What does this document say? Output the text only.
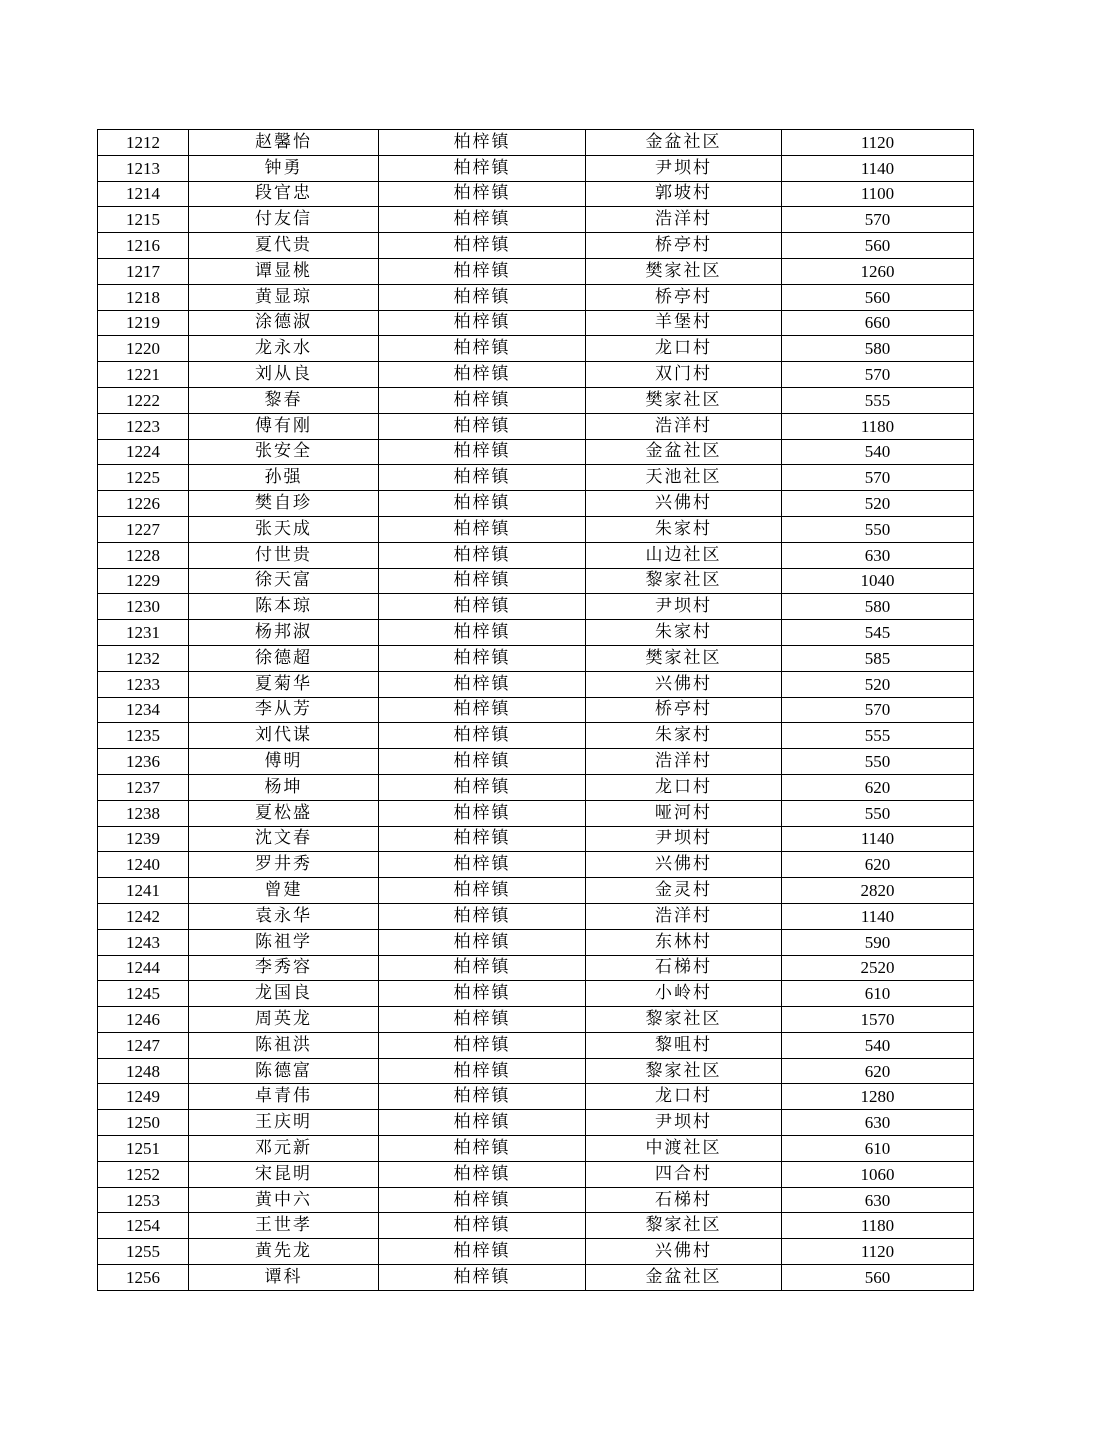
1212	赵馨怡	柏梓镇	金盆社区	1120
1213	钟勇	柏梓镇	尹坝村	1140
1214	段官忠	柏梓镇	郭坡村	1100
1215	付友信	柏梓镇	浩洋村	570
1216	夏代贵	柏梓镇	桥亭村	560
1217	谭显桃	柏梓镇	樊家社区	1260
1218	黄显琼	柏梓镇	桥亭村	560
1219	涂德淑	柏梓镇	羊堡村	660
1220	龙永水	柏梓镇	龙口村	580
1221	刘从良	柏梓镇	双门村	570
1222	黎春	柏梓镇	樊家社区	555
1223	傅有刚	柏梓镇	浩洋村	1180
1224	张安全	柏梓镇	金盆社区	540
1225	孙强	柏梓镇	天池社区	570
1226	樊自珍	柏梓镇	兴佛村	520
1227	张天成	柏梓镇	朱家村	550
1228	付世贵	柏梓镇	山边社区	630
1229	徐天富	柏梓镇	黎家社区	1040
1230	陈本琼	柏梓镇	尹坝村	580
1231	杨邦淑	柏梓镇	朱家村	545
1232	徐德超	柏梓镇	樊家社区	585
1233	夏菊华	柏梓镇	兴佛村	520
1234	李从芳	柏梓镇	桥亭村	570
1235	刘代谋	柏梓镇	朱家村	555
1236	傅明	柏梓镇	浩洋村	550
1237	杨坤	柏梓镇	龙口村	620
1238	夏松盛	柏梓镇	哑河村	550
1239	沈文春	柏梓镇	尹坝村	1140
1240	罗井秀	柏梓镇	兴佛村	620
1241	曾建	柏梓镇	金灵村	2820
1242	袁永华	柏梓镇	浩洋村	1140
1243	陈祖学	柏梓镇	东林村	590
1244	李秀容	柏梓镇	石梯村	2520
1245	龙国良	柏梓镇	小岭村	610
1246	周英龙	柏梓镇	黎家社区	1570
1247	陈祖洪	柏梓镇	黎咀村	540
1248	陈德富	柏梓镇	黎家社区	620
1249	卓青伟	柏梓镇	龙口村	1280
1250	王庆明	柏梓镇	尹坝村	630
1251	邓元新	柏梓镇	中渡社区	610
1252	宋昆明	柏梓镇	四合村	1060
1253	黄中六	柏梓镇	石梯村	630
1254	王世孝	柏梓镇	黎家社区	1180
1255	黄先龙	柏梓镇	兴佛村	1120
1256	谭科	柏梓镇	金盆社区	560
